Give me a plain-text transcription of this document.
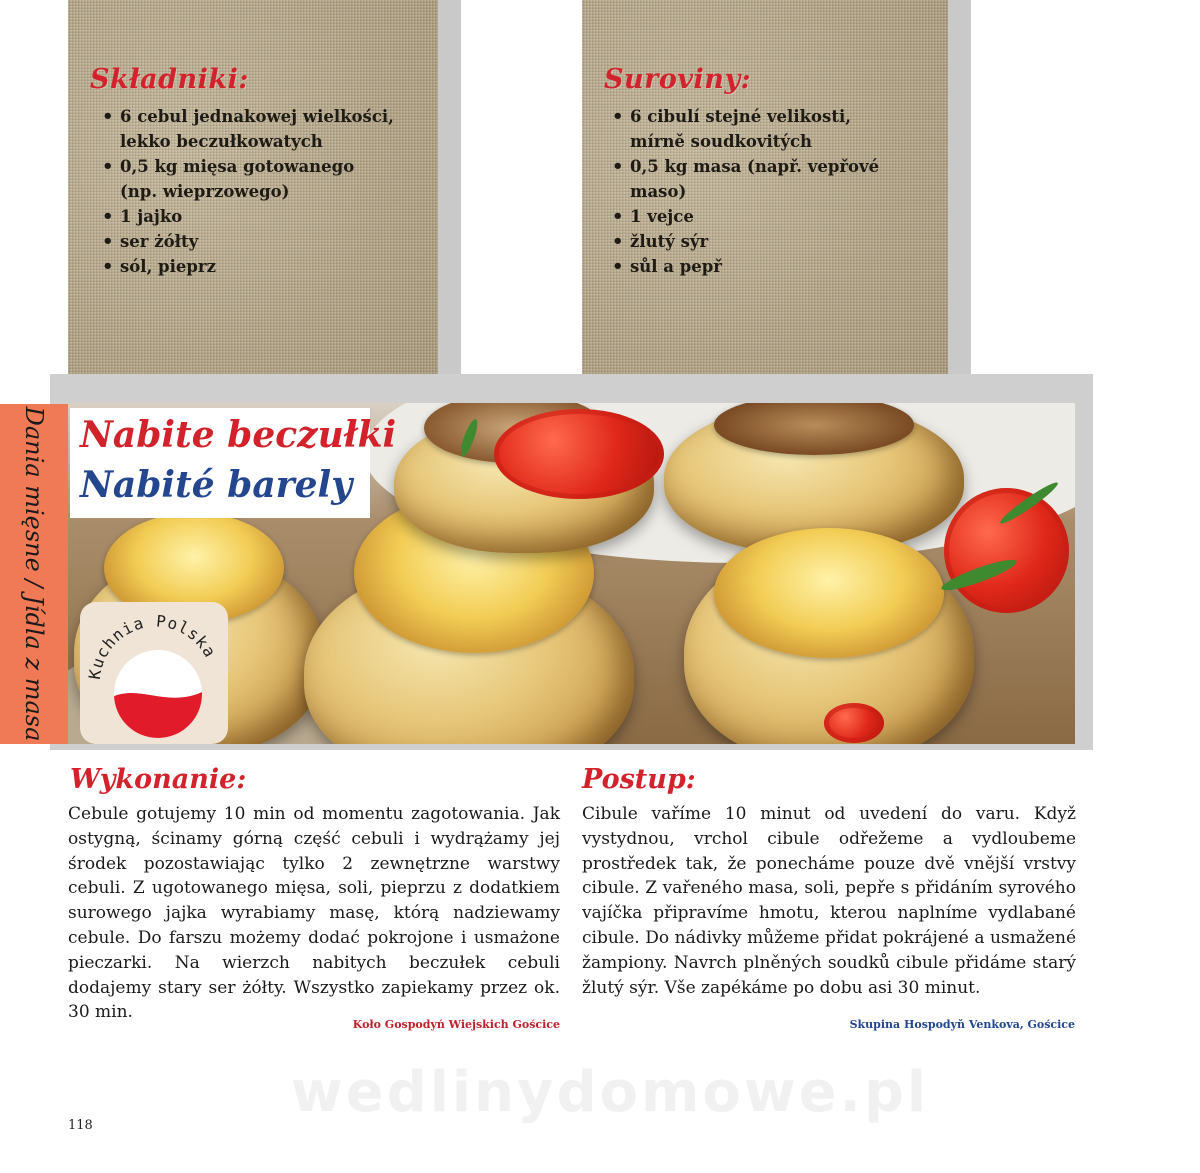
Składniki:
• 6 cebul jednakowej wielkości, lekko beczułkowatych
• 0,5 kg mięsa gotowanego (np. wieprzowego)
• 1 jajko
• ser żółty
• sól, pieprz
Suroviny:
• 6 cibulí stejné velikosti, mírně soudkovitých
• 0,5 kg masa (např. vepřové maso)
• 1 vejce
• žlutý sýr
• sůl a pepř
Nabite beczułki
Nabité barely
Dania mięsne / Jídla z masa Kuchnia Polska
Wykonanie:

Cebule gotujemy 10 min od momentu zagotowania. Jak ostygną, ścinamy górną część cebuli i wydrążamy jej środek pozostawiając tylko 2 zewnętrzne warstwy cebuli. Z ugotowanego mięsa, soli, pieprzu z dodatkiem surowego jajka wyrabiamy masę, którą nadziewamy cebule. Do farszu możemy dodać pokrojone i usmażone pieczarki. Na wierzch nabitych beczułek cebuli dodajemy stary ser żółty. Wszystko zapiekamy przez ok. 30 min.

Koło Gospodyń Wiejskich Gościce

Postup:

Cibule vaříme 10 minut od uvedení do varu. Když vystydnou, vrchol cibule odřežeme a vydloubeme prostředek tak, že ponecháme pouze dvě vnější vrstvy cibule. Z vařeného masa, soli, pepře s přidáním syrového vajíčka připravíme hmotu, kterou naplníme vydlabané cibule. Do nádivky můžeme přidat pokrájené a usmažené žampiony. Navrch plněných soudků cibule přidáme starý žlutý sýr. Vše zapékáme po dobu asi 30 minut.

Skupina Hospodyň Venkova, Gościce

wedlinydomowe.pl

118
